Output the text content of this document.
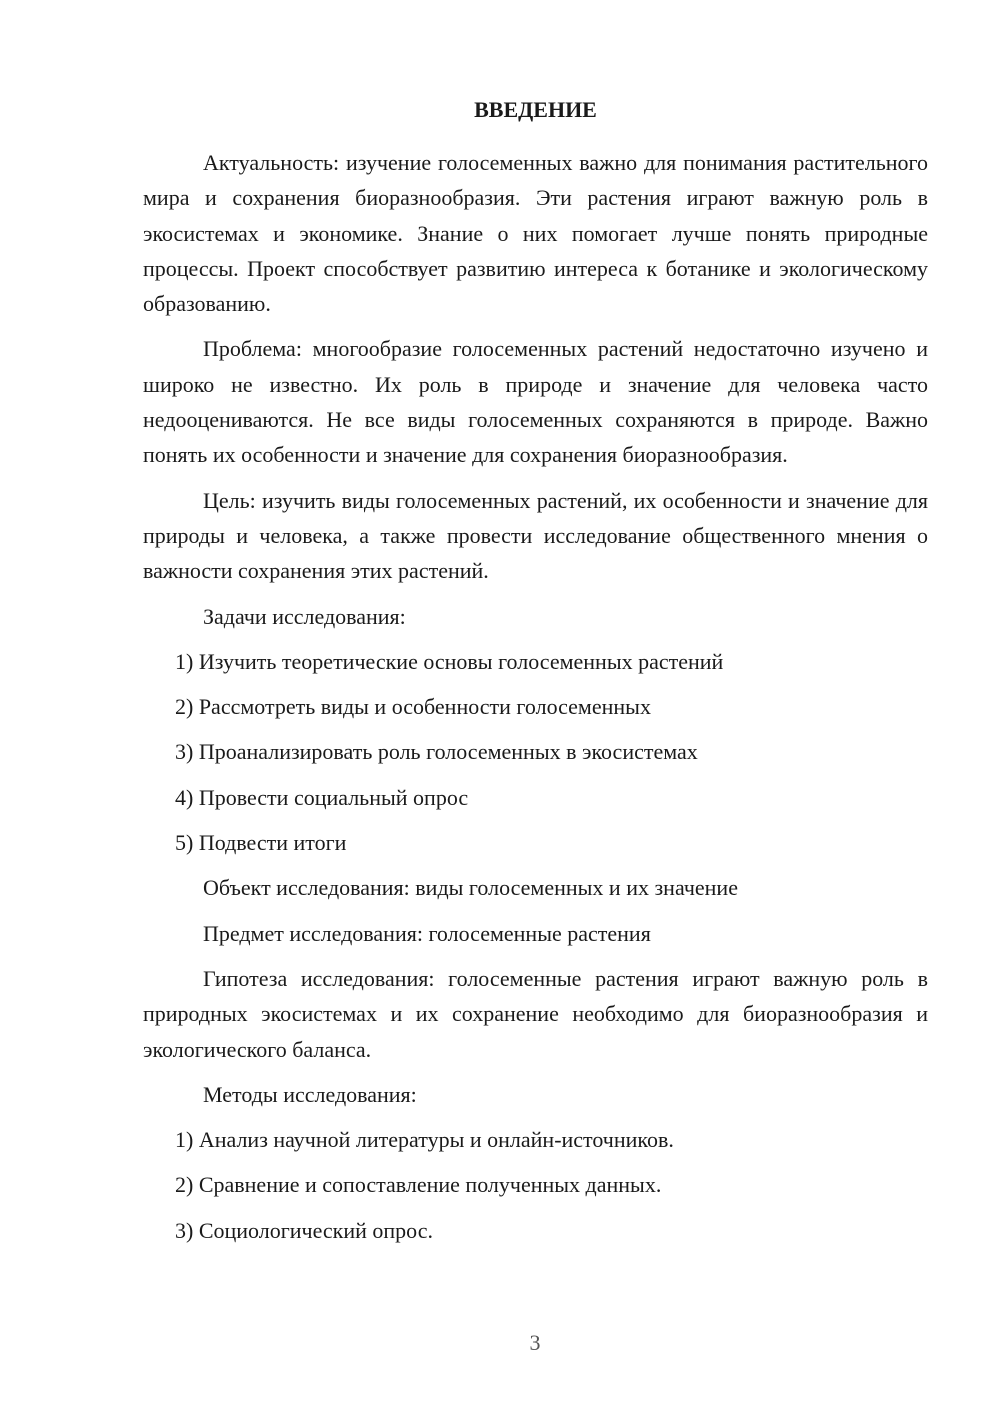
ВВЕДЕНИЕ

Актуальность: изучение голосеменных важно для понимания растительного мира и сохранения биоразнообразия. Эти растения играют важную роль в экосистемах и экономике. Знание о них помогает лучше понять природные процессы. Проект способствует развитию интереса к ботанике и экологическому образованию.

Проблема: многообразие голосеменных растений недостаточно изучено и широко не известно. Их роль в природе и значение для человека часто недооцениваются. Не все виды голосеменных сохраняются в природе. Важно понять их особенности и значение для сохранения биоразнообразия.

Цель: изучить виды голосеменных растений, их особенности и значение для природы и человека, а также провести исследование общественного мнения о важности сохранения этих растений.

Задачи исследования:
1) Изучить теоретические основы голосеменных растений
2) Рассмотреть виды и особенности голосеменных
3) Проанализировать роль голосеменных в экосистемах
4) Провести социальный опрос
5) Подвести итоги
Объект исследования: виды голосеменных и их значение
Предмет исследования: голосеменные растения

Гипотеза исследования: голосеменные растения играют важную роль в природных экосистемах и их сохранение необходимо для биоразнообразия и экологического баланса.

Методы исследования:
1) Анализ научной литературы и онлайн-источников.
2) Сравнение и сопоставление полученных данных.
3) Социологический опрос.
3
